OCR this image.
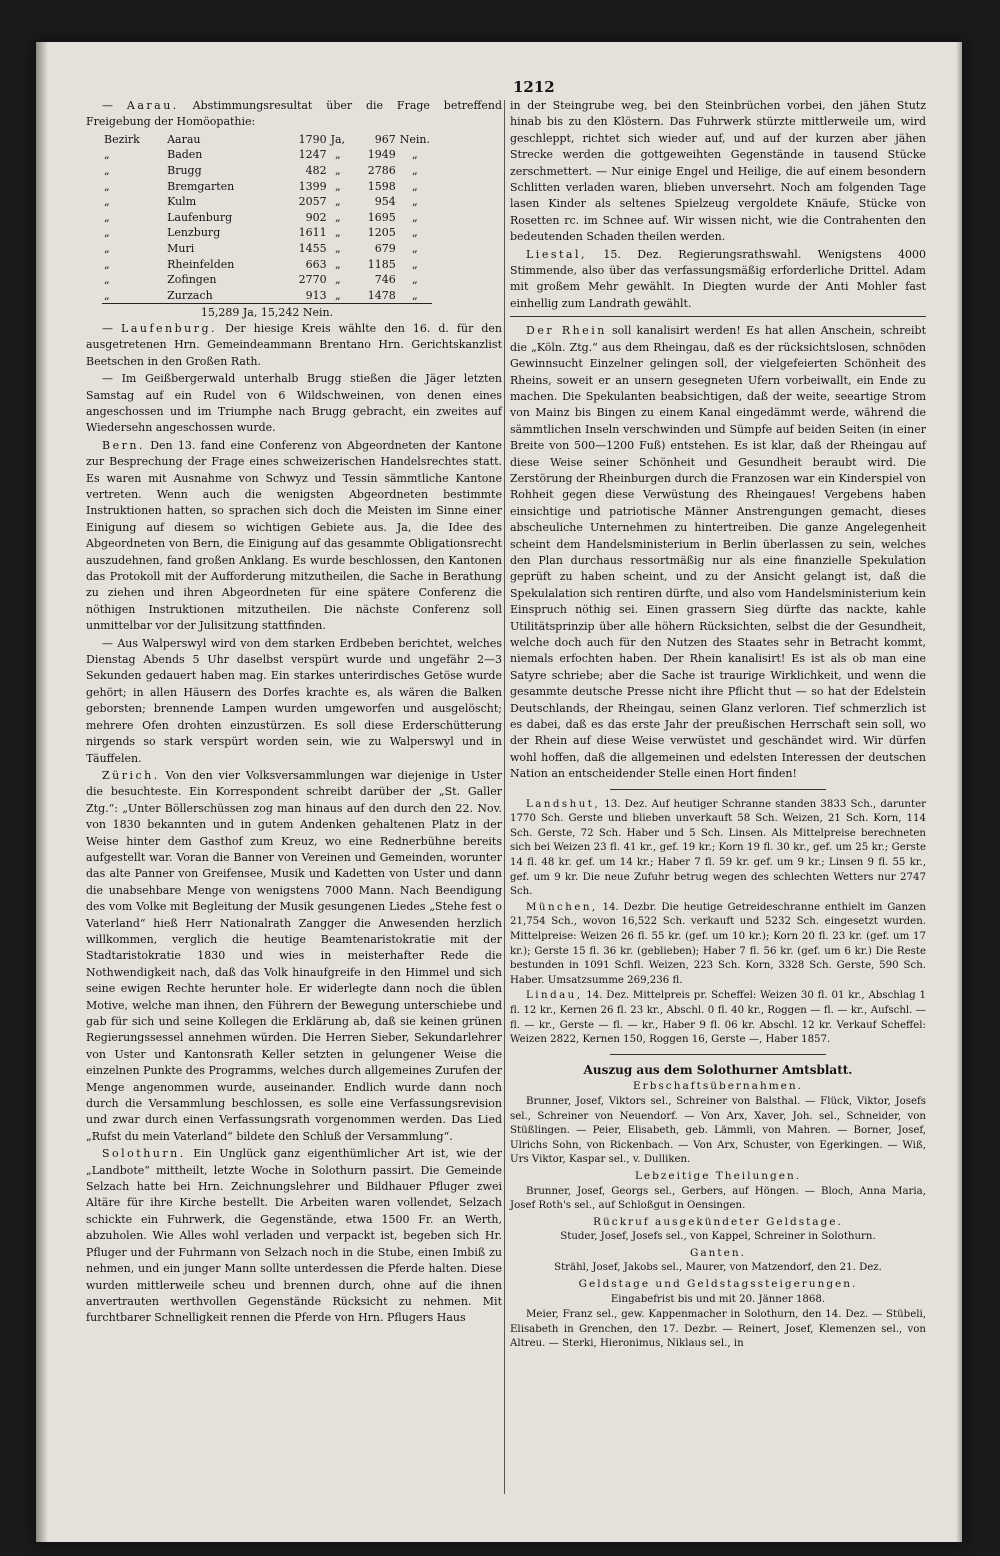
1212

— Aarau. Abstimmungsresultat über die Frage betreffend Freigebung der Homöopathie:

Bezirk	Aarau	1790	Ja,	967	Nein.
„	Baden	1247	„	1949	„
„	Brugg	482	„	2786	„
„	Bremgarten	1399	„	1598	„
„	Kulm	2057	„	954	„
„	Laufenburg	902	„	1695	„
„	Lenzburg	1611	„	1205	„
„	Muri	1455	„	679	„
„	Rheinfelden	663	„	1185	„
„	Zofingen	2770	„	746	„
„	Zurzach	913	„	1478	„
15,289 Ja, 15,242 Nein.					

— Laufenburg. Der hiesige Kreis wählte den 16. d. für den ausgetretenen Hrn. Gemeindeammann Brentano Hrn. Gerichtskanzlist Beetschen in den Großen Rath.

— Im Geißbergerwald unterhalb Brugg stießen die Jäger letzten Samstag auf ein Rudel von 6 Wildschweinen, von denen eines angeschossen und im Triumphe nach Brugg gebracht, ein zweites auf Wiedersehn angeschossen wurde.

Bern. Den 13. fand eine Conferenz von Abgeordneten der Kantone zur Besprechung der Frage eines schweizerischen Handelsrechtes statt. Es waren mit Ausnahme von Schwyz und Tessin sämmtliche Kantone vertreten. Wenn auch die wenigsten Abgeordneten bestimmte Instruktionen hatten, so sprachen sich doch die Meisten im Sinne einer Einigung auf diesem so wichtigen Gebiete aus. Ja, die Idee des Abgeordneten von Bern, die Einigung auf das gesammte Obligationsrecht auszudehnen, fand großen Anklang. Es wurde beschlossen, den Kantonen das Protokoll mit der Aufforderung mitzutheilen, die Sache in Berathung zu ziehen und ihren Abgeordneten für eine spätere Conferenz die nöthigen Instruktionen mitzutheilen. Die nächste Conferenz soll unmittelbar vor der Julisitzung stattfinden.

— Aus Walperswyl wird von dem starken Erdbeben berichtet, welches Dienstag Abends 5 Uhr daselbst verspürt wurde und ungefähr 2—3 Sekunden gedauert haben mag. Ein starkes unterirdisches Getöse wurde gehört; in allen Häusern des Dorfes krachte es, als wären die Balken geborsten; brennende Lampen wurden umgeworfen und ausgelöscht; mehrere Ofen drohten einzustürzen. Es soll diese Erderschütterung nirgends so stark verspürt worden sein, wie zu Walperswyl und in Täuffelen.

Zürich. Von den vier Volksversammlungen war diejenige in Uster die besuchteste. Ein Korrespondent schreibt darüber der „St. Galler Ztg.“: „Unter Böllerschüssen zog man hinaus auf den durch den 22. Nov. von 1830 bekannten und in gutem Andenken gehaltenen Platz in der Weise hinter dem Gasthof zum Kreuz, wo eine Rednerbühne bereits aufgestellt war. Voran die Banner von Vereinen und Gemeinden, worunter das alte Panner von Greifensee, Musik und Kadetten von Uster und dann die unabsehbare Menge von wenigstens 7000 Mann. Nach Beendigung des vom Volke mit Begleitung der Musik gesungenen Liedes „Stehe fest o Vaterland“ hieß Herr Nationalrath Zangger die Anwesenden herzlich willkommen, verglich die heutige Beamtenaristokratie mit der Stadtaristokratie 1830 und wies in meisterhafter Rede die Nothwendigkeit nach, daß das Volk hinaufgreife in den Himmel und sich seine ewigen Rechte herunter hole. Er widerlegte dann noch die üblen Motive, welche man ihnen, den Führern der Bewegung unterschiebe und gab für sich und seine Kollegen die Erklärung ab, daß sie keinen grünen Regierungssessel annehmen würden. Die Herren Sieber, Sekundarlehrer von Uster und Kantonsrath Keller setzten in gelungener Weise die einzelnen Punkte des Programms, welches durch allgemeines Zurufen der Menge angenommen wurde, auseinander. Endlich wurde dann noch durch die Versammlung beschlossen, es solle eine Verfassungsrevision und zwar durch einen Verfassungsrath vorgenommen werden. Das Lied „Rufst du mein Vaterland“ bildete den Schluß der Versammlung“.

Solothurn. Ein Unglück ganz eigenthümlicher Art ist, wie der „Landbote“ mittheilt, letzte Woche in Solothurn passirt. Die Gemeinde Selzach hatte bei Hrn. Zeichnungslehrer und Bildhauer Pfluger zwei Altäre für ihre Kirche bestellt. Die Arbeiten waren vollendet, Selzach schickte ein Fuhrwerk, die Gegenstände, etwa 1500 Fr. an Werth, abzuholen. Wie Alles wohl verladen und verpackt ist, begeben sich Hr. Pfluger und der Fuhrmann von Selzach noch in die Stube, einen Imbiß zu nehmen, und ein junger Mann sollte unterdessen die Pferde halten. Diese wurden mittlerweile scheu und brennen durch, ohne auf die ihnen anvertrauten werthvollen Gegenstände Rücksicht zu nehmen. Mit furchtbarer Schnelligkeit rennen die Pferde von Hrn. Pflugers Haus

in der Steingrube weg, bei den Steinbrüchen vorbei, den jähen Stutz hinab bis zu den Klöstern. Das Fuhrwerk stürzte mittlerweile um, wird geschleppt, richtet sich wieder auf, und auf der kurzen aber jähen Strecke werden die gottgeweihten Gegenstände in tausend Stücke zerschmettert. — Nur einige Engel und Heilige, die auf einem besondern Schlitten verladen waren, blieben unversehrt. Noch am folgenden Tage lasen Kinder als seltenes Spielzeug vergoldete Knäufe, Stücke von Rosetten rc. im Schnee auf. Wir wissen nicht, wie die Contrahenten den bedeutenden Schaden theilen werden.

Liestal, 15. Dez. Regierungsrathswahl. Wenigstens 4000 Stimmende, also über das verfassungsmäßig erforderliche Drittel. Adam mit großem Mehr gewählt. In Diegten wurde der Anti Mohler fast einhellig zum Landrath gewählt.

Der Rhein soll kanalisirt werden! Es hat allen Anschein, schreibt die „Köln. Ztg.“ aus dem Rheingau, daß es der rücksichtslosen, schnöden Gewinnsucht Einzelner gelingen soll, der vielgefeierten Schönheit des Rheins, soweit er an unsern gesegneten Ufern vorbeiwallt, ein Ende zu machen. Die Spekulanten beabsichtigen, daß der weite, seeartige Strom von Mainz bis Bingen zu einem Kanal eingedämmt werde, während die sämmtlichen Inseln verschwinden und Sümpfe auf beiden Seiten (in einer Breite von 500—1200 Fuß) entstehen. Es ist klar, daß der Rheingau auf diese Weise seiner Schönheit und Gesundheit beraubt wird. Die Zerstörung der Rheinburgen durch die Franzosen war ein Kinderspiel von Rohheit gegen diese Verwüstung des Rheingaues! Vergebens haben einsichtige und patriotische Männer Anstrengungen gemacht, dieses abscheuliche Unternehmen zu hintertreiben. Die ganze Angelegenheit scheint dem Handelsministerium in Berlin überlassen zu sein, welches den Plan durchaus ressortmäßig nur als eine finanzielle Spekulation geprüft zu haben scheint, und zu der Ansicht gelangt ist, daß die Spekulalation sich rentiren dürfte, und also vom Handelsministerium kein Einspruch nöthig sei. Einen grassern Sieg dürfte das nackte, kahle Utilitätsprinzip über alle höhern Rücksichten, selbst die der Gesundheit, welche doch auch für den Nutzen des Staates sehr in Betracht kommt, niemals erfochten haben. Der Rhein kanalisirt! Es ist als ob man eine Satyre schriebe; aber die Sache ist traurige Wirklichkeit, und wenn die gesammte deutsche Presse nicht ihre Pflicht thut — so hat der Edelstein Deutschlands, der Rheingau, seinen Glanz verloren. Tief schmerzlich ist es dabei, daß es das erste Jahr der preußischen Herrschaft sein soll, wo der Rhein auf diese Weise verwüstet und geschändet wird. Wir dürfen wohl hoffen, daß die allgemeinen und edelsten Interessen der deutschen Nation an entscheidender Stelle einen Hort finden!

Landshut, 13. Dez. Auf heutiger Schranne standen 3833 Sch., darunter 1770 Sch. Gerste und blieben unverkauft 58 Sch. Weizen, 21 Sch. Korn, 114 Sch. Gerste, 72 Sch. Haber und 5 Sch. Linsen. Als Mittelpreise berechneten sich bei Weizen 23 fl. 41 kr., gef. 19 kr.; Korn 19 fl. 30 kr., gef. um 25 kr.; Gerste 14 fl. 48 kr. gef. um 14 kr.; Haber 7 fl. 59 kr. gef. um 9 kr.; Linsen 9 fl. 55 kr., gef. um 9 kr. Die neue Zufuhr betrug wegen des schlechten Wetters nur 2747 Sch.

München, 14. Dezbr. Die heutige Getreideschranne enthielt im Ganzen 21,754 Sch., wovon 16,522 Sch. verkauft und 5232 Sch. eingesetzt wurden. Mittelpreise: Weizen 26 fl. 55 kr. (gef. um 10 kr.); Korn 20 fl. 23 kr. (gef. um 17 kr.); Gerste 15 fl. 36 kr. (geblieben); Haber 7 fl. 56 kr. (gef. um 6 kr.) Die Reste bestunden in 1091 Schfl. Weizen, 223 Sch. Korn, 3328 Sch. Gerste, 590 Sch. Haber. Umsatzsumme 269,236 fl.

Lindau, 14. Dez. Mittelpreis pr. Scheffel: Weizen 30 fl. 01 kr., Abschlag 1 fl. 12 kr., Kernen 26 fl. 23 kr., Abschl. 0 fl. 40 kr., Roggen — fl. — kr., Aufschl. — fl. — kr., Gerste — fl. — kr., Haber 9 fl. 06 kr. Abschl. 12 kr. Verkauf Scheffel: Weizen 2822, Kernen 150, Roggen 16, Gerste —, Haber 1857.

Auszug aus dem Solothurner Amtsblatt.

Erbschaftsübernahmen.

Brunner, Josef, Viktors sel., Schreiner von Balsthal. — Flück, Viktor, Josefs sel., Schreiner von Neuendorf. — Von Arx, Xaver, Joh. sel., Schneider, von Stüßlingen. — Peier, Elisabeth, geb. Lämmli, von Mahren. — Borner, Josef, Ulrichs Sohn, von Rickenbach. — Von Arx, Schuster, von Egerkingen. — Wiß, Urs Viktor, Kaspar sel., v. Dulliken.

Lebzeitige Theilungen.

Brunner, Josef, Georgs sel., Gerbers, auf Höngen. — Bloch, Anna Maria, Josef Roth's sel., auf Schloßgut in Oensingen.

Rückruf ausgekündeter Geldstage.

Studer, Josef, Josefs sel., von Kappel, Schreiner in Solothurn.

Ganten.

Strähl, Josef, Jakobs sel., Maurer, von Matzendorf, den 21. Dez.

Geldstage und Geldstagssteigerungen.

Eingabefrist bis und mit 20. Jänner 1868.

Meier, Franz sel., gew. Kappenmacher in Solothurn, den 14. Dez. — Stübeli, Elisabeth in Grenchen, den 17. Dezbr. — Reinert, Josef, Klemenzen sel., von Altreu. — Sterki, Hieronimus, Niklaus sel., in
